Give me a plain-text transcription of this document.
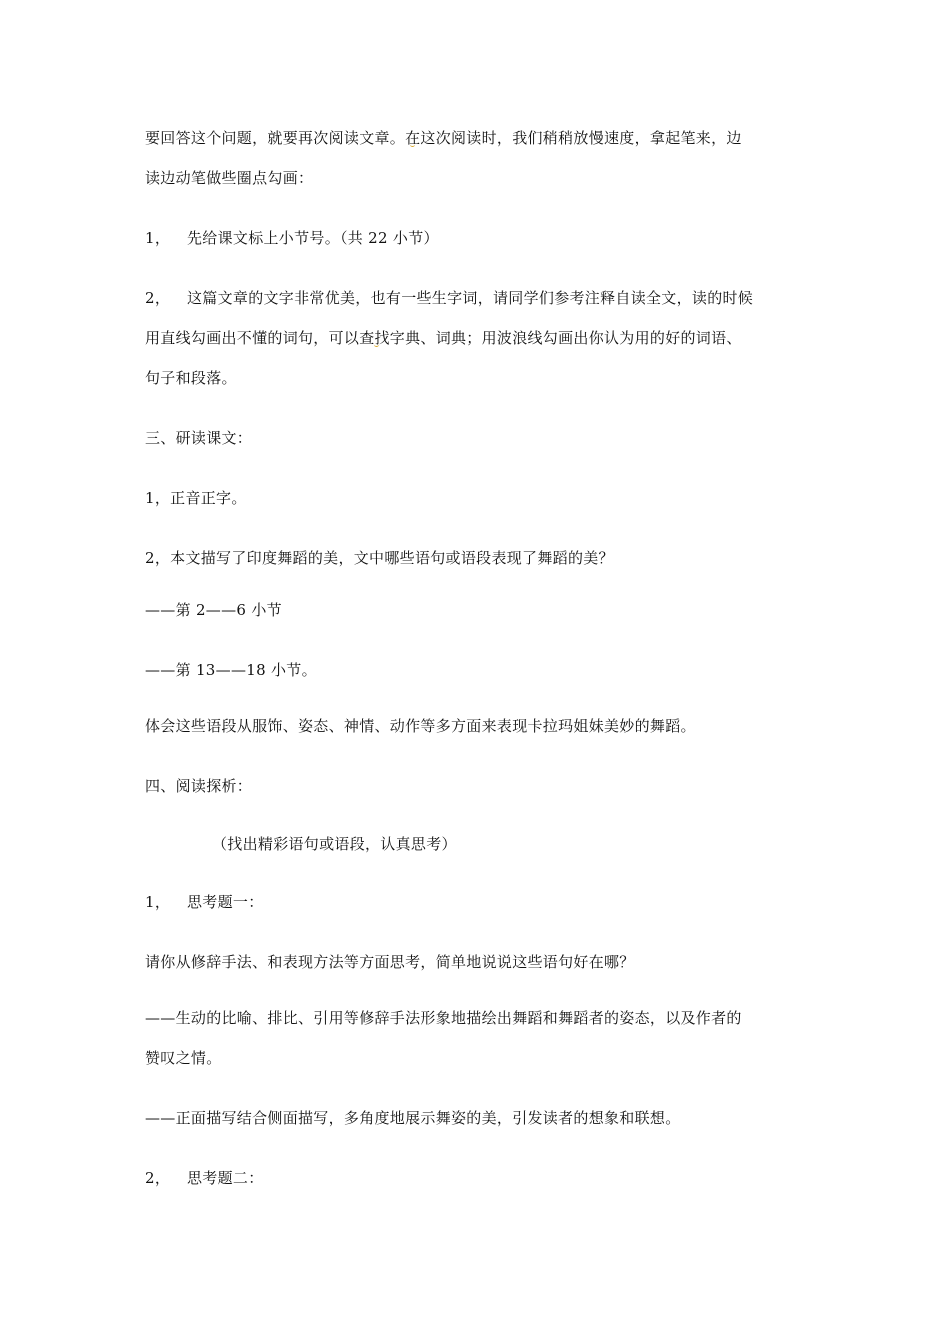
要回答这个问题，就要再次阅读文章。在这次阅读时，我们稍稍放慢速度，拿起笔来，边
读边动笔做些圈点勾画：
1， 先给课文标上小节号。（共 22 小节）
2， 这篇文章的文字非常优美，也有一些生字词，请同学们参考注释自读全文，读的时候
用直线勾画出不懂的词句，可以查找字典、词典；用波浪线勾画出你认为用的好的词语、
句子和段落。
三、研读课文：
1，正音正字。
2，本文描写了印度舞蹈的美，文中哪些语句或语段表现了舞蹈的美？
——第 2——6 小节
——第 13——18 小节。
体会这些语段从服饰、姿态、神情、动作等多方面来表现卡拉玛姐妹美妙的舞蹈。
四、阅读探析：
（找出精彩语句或语段，认真思考）
1， 思考题一：
请你从修辞手法、和表现方法等方面思考，简单地说说这些语句好在哪？
——生动的比喻、排比、引用等修辞手法形象地描绘出舞蹈和舞蹈者的姿态，以及作者的
赞叹之情。
——正面描写结合侧面描写，多角度地展示舞姿的美，引发读者的想象和联想。
2， 思考题二：
